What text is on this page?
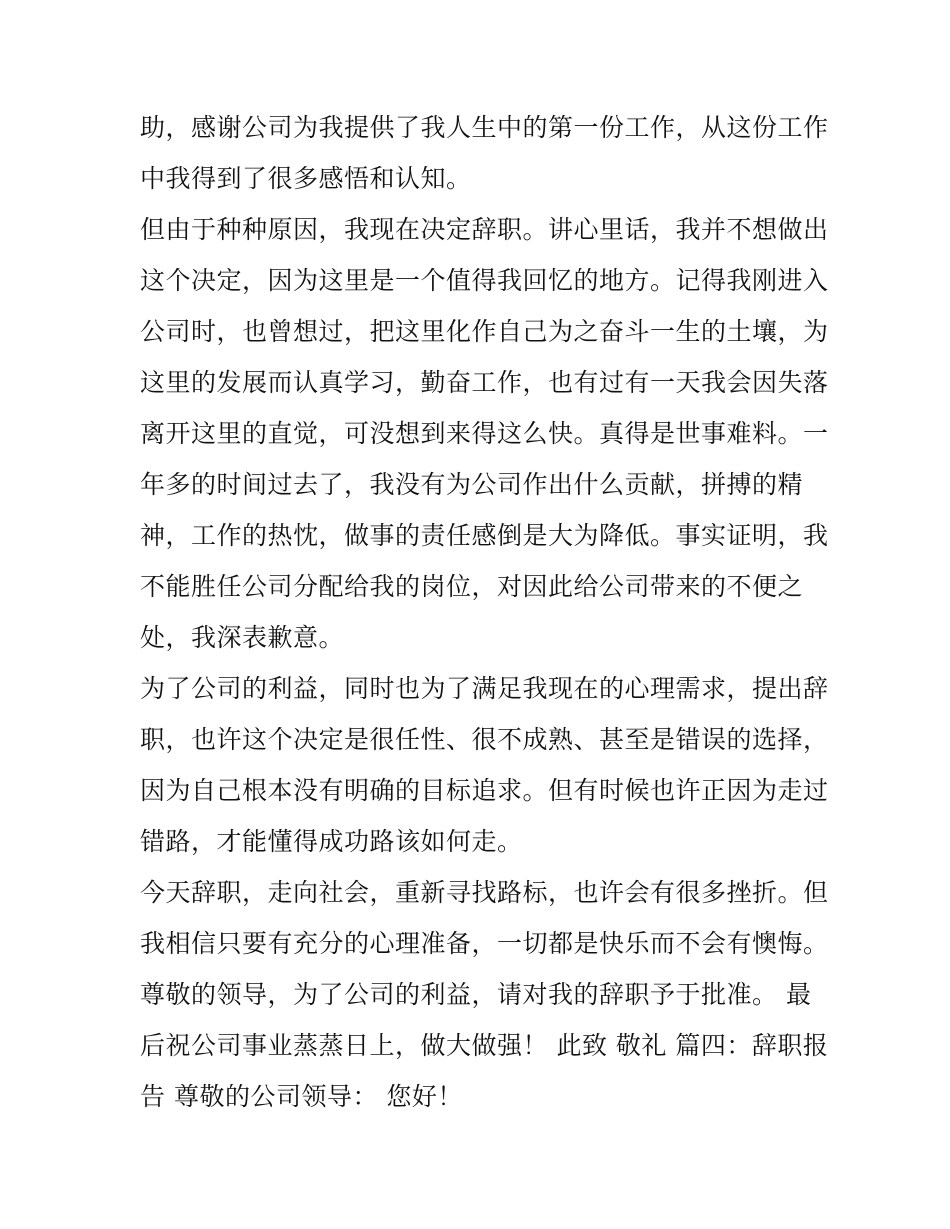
助，感谢公司为我提供了我人生中的第一份工作，从这份工作
中我得到了很多感悟和认知。
但由于种种原因，我现在决定辞职。讲心里话，我并不想做出
这个决定，因为这里是一个值得我回忆的地方。记得我刚进入
公司时，也曾想过，把这里化作自己为之奋斗一生的土壤，为
这里的发展而认真学习，勤奋工作，也有过有一天我会因失落
离开这里的直觉，可没想到来得这么快。真得是世事难料。一
年多的时间过去了，我没有为公司作出什么贡献，拼搏的精
神，工作的热忱，做事的责任感倒是大为降低。事实证明，我
不能胜任公司分配给我的岗位，对因此给公司带来的不便之
处，我深表歉意。
为了公司的利益，同时也为了满足我现在的心理需求，提出辞
职，也许这个决定是很任性、很不成熟、甚至是错误的选择，
因为自己根本没有明确的目标追求。但有时候也许正因为走过
错路，才能懂得成功路该如何走。
今天辞职，走向社会，重新寻找路标，也许会有很多挫折。但
我相信只要有充分的心理准备，一切都是快乐而不会有懊悔。
尊敬的领导，为了公司的利益，请对我的辞职予于批准。 最
后祝公司事业蒸蒸日上，做大做强！ 此致 敬礼 篇四：辞职报
告 尊敬的公司领导： 您好！
